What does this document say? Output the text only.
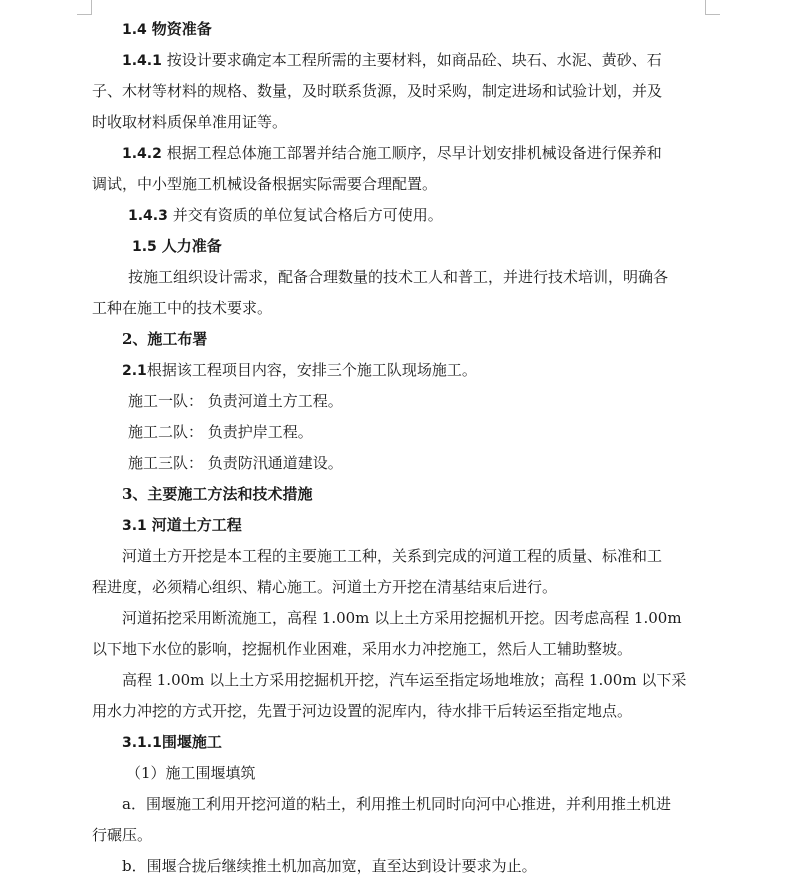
1.4 物资准备
1.4.1 按设计要求确定本工程所需的主要材料，如商品砼、块石、水泥、黄砂、石
子、木材等材料的规格、数量，及时联系货源，及时采购，制定进场和试验计划，并及
时收取材料质保单准用证等。
1.4.2 根据工程总体施工部署并结合施工顺序，尽早计划安排机械设备进行保养和
调试，中小型施工机械设备根据实际需要合理配置。
1.4.3 并交有资质的单位复试合格后方可使用。
1.5 人力准备
按施工组织设计需求，配备合理数量的技术工人和普工，并进行技术培训，明确各
工种在施工中的技术要求。
2、施工布署
2.1根据该工程项目内容，安排三个施工队现场施工。
施工一队： 负责河道土方工程。
施工二队： 负责护岸工程。
施工三队： 负责防汛通道建设。
3、主要施工方法和技术措施
3.1 河道土方工程
河道土方开挖是本工程的主要施工工种，关系到完成的河道工程的质量、标准和工
程进度，必须精心组织、精心施工。河道土方开挖在清基结束后进行。
河道拓挖采用断流施工，高程 1.00m 以上土方采用挖掘机开挖。因考虑高程 1.00m
以下地下水位的影响，挖掘机作业困难，采用水力冲挖施工，然后人工辅助整坡。
高程 1.00m 以上土方采用挖掘机开挖，汽车运至指定场地堆放；高程 1.00m 以下采
用水力冲挖的方式开挖，先置于河边设置的泥库内，待水排干后转运至指定地点。
3.1.1围堰施工
（1）施工围堰填筑
a．围堰施工利用开挖河道的粘土，利用推土机同时向河中心推进，并利用推土机进
行碾压。
b．围堰合拢后继续推土机加高加宽，直至达到设计要求为止。
